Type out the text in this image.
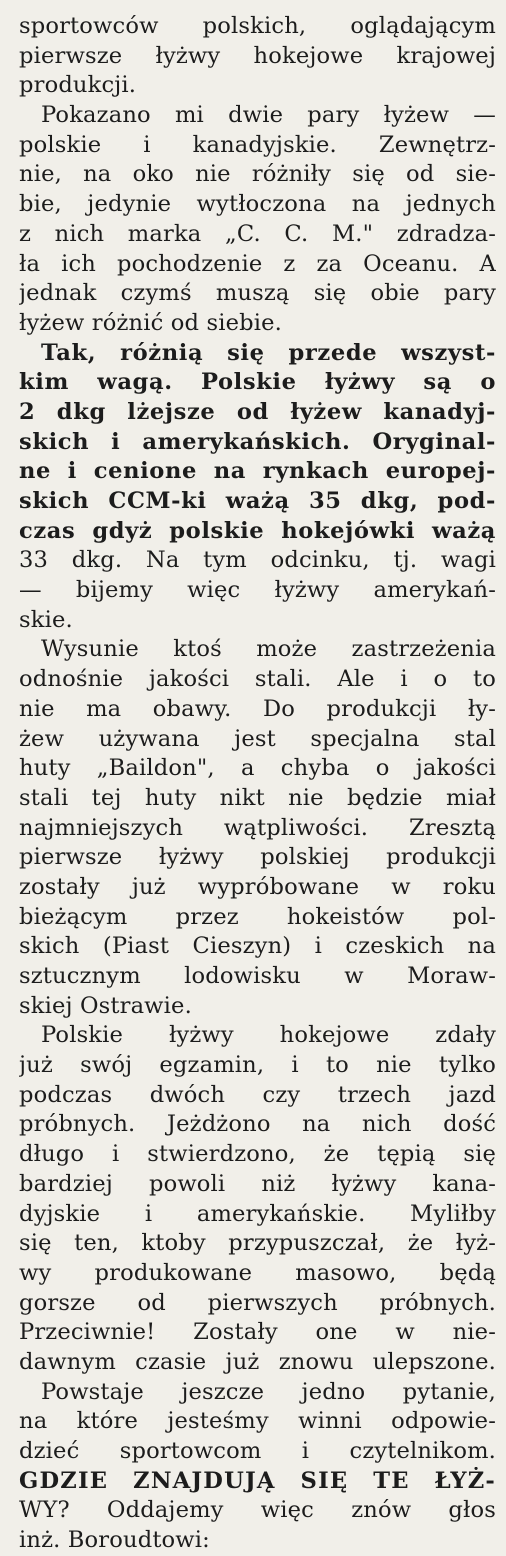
sportowców polskich, oglądającym
pierwsze łyżwy hokejowe krajowej
produkcji.
Pokazano mi dwie pary łyżew —
polskie i kanadyjskie. Zewnętrz-
nie, na oko nie różniły się od sie-
bie, jedynie wytłoczona na jednych
z nich marka „C. C. M." zdradza-
ła ich pochodzenie z za Oceanu. A
jednak czymś muszą się obie pary
łyżew różnić od siebie.
Tak, różnią się przede wszyst-
kim wagą. Polskie łyżwy są o
2 dkg lżejsze od łyżew kanadyj-
skich i amerykańskich. Oryginal-
ne i cenione na rynkach europej-
skich CCM-ki ważą 35 dkg, pod-
czas gdyż polskie hokejówki ważą
33 dkg. Na tym odcinku, tj. wagi
— bijemy więc łyżwy amerykań-
skie.
Wysunie ktoś może zastrzeżenia
odnośnie jakości stali. Ale i o to
nie ma obawy. Do produkcji ły-
żew używana jest specjalna stal
huty „Baildon", a chyba o jakości
stali tej huty nikt nie będzie miał
najmniejszych wątpliwości. Zresztą
pierwsze łyżwy polskiej produkcji
zostały już wypróbowane w roku
bieżącym przez hokeistów pol-
skich (Piast Cieszyn) i czeskich na
sztucznym lodowisku w Moraw-
skiej Ostrawie.
Polskie łyżwy hokejowe zdały
już swój egzamin, i to nie tylko
podczas dwóch czy trzech jazd
próbnych. Jeżdżono na nich dość
długo i stwierdzono, że tępią się
bardziej powoli niż łyżwy kana-
dyjskie i amerykańskie. Myliłby
się ten, ktoby przypuszczał, że łyż-
wy produkowane masowo, będą
gorsze od pierwszych próbnych.
Przeciwnie! Zostały one w nie-
dawnym czasie już znowu ulepszone.
Powstaje jeszcze jedno pytanie,
na które jesteśmy winni odpowie-
dzieć sportowcom i czytelnikom.
GDZIE ZNAJDUJĄ SIĘ TE ŁYŻ-
WY? Oddajemy więc znów głos
inż. Boroudtowi:
